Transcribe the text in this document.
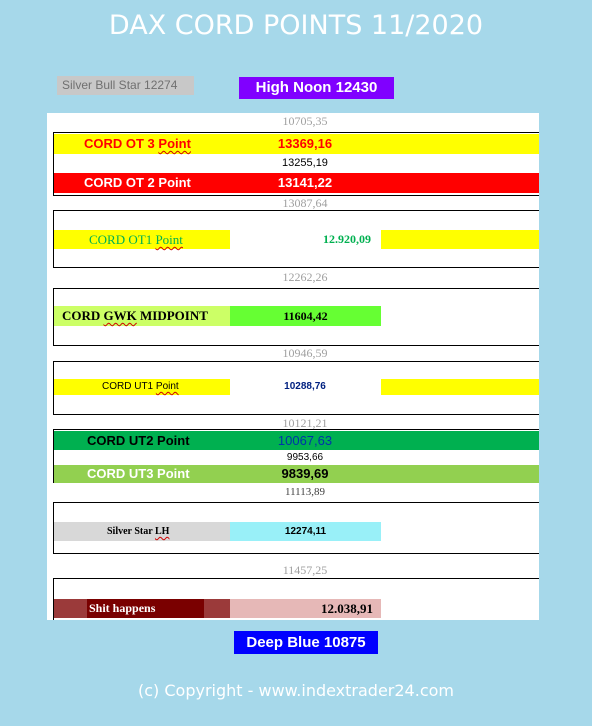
DAX CORD POINTS 11/2020
Silver Bull Star 12274	High Noon 12430
10705,35
CORD OT 3 Point	13369,16
13255,19
CORD OT 2 Point	13141,22
13087,64
CORD OT1 Point	12.920,09
12262,26
CORD GWK MIDPOINT	11604,42
10946,59
CORD UT1 Point	10288,76
10121,21
CORD UT2 Point	10067,63
9953,66
CORD UT3 Point	9839,69
11113,89
Silver Star LH	12274,11
11457,25
Shit happens	12.038,91
Deep Blue 10875
(c) Copyright - www.indextrader24.com
